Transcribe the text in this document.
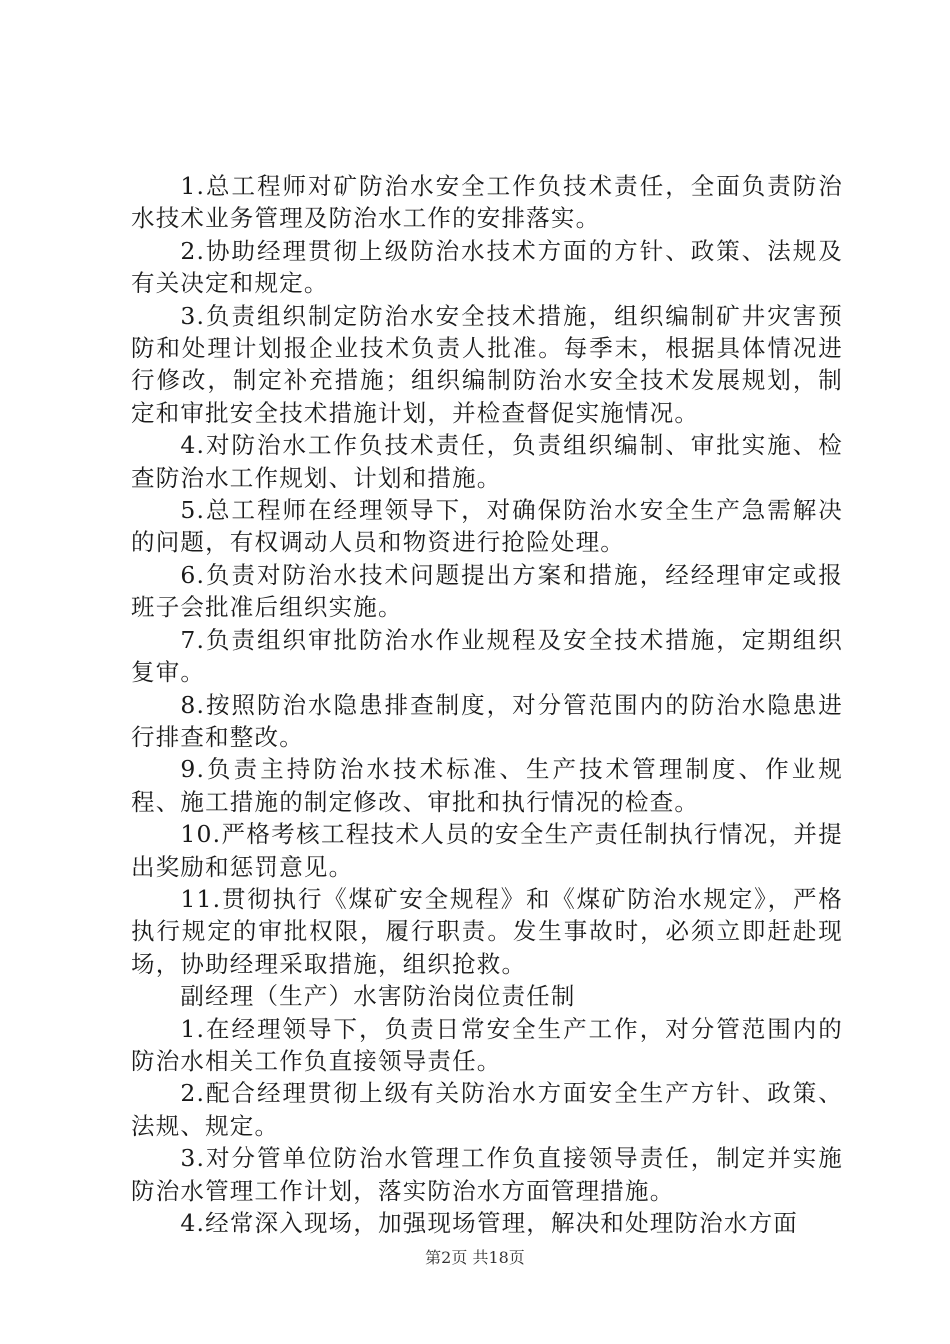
1.总工程师对矿防治水安全工作负技术责任，全面负责防治水技术业务管理及防治水工作的安排落实。

2.协助经理贯彻上级防治水技术方面的方针、政策、法规及有关决定和规定。

3.负责组织制定防治水安全技术措施，组织编制矿井灾害预防和处理计划报企业技术负责人批准。每季末，根据具体情况进行修改，制定补充措施；组织编制防治水安全技术发展规划，制定和审批安全技术措施计划，并检查督促实施情况。

4.对防治水工作负技术责任，负责组织编制、审批实施、检查防治水工作规划、计划和措施。

5.总工程师在经理领导下，对确保防治水安全生产急需解决的问题，有权调动人员和物资进行抢险处理。

6.负责对防治水技术问题提出方案和措施，经经理审定或报班子会批准后组织实施。

7.负责组织审批防治水作业规程及安全技术措施，定期组织复审。

8.按照防治水隐患排查制度，对分管范围内的防治水隐患进行排查和整改。

9.负责主持防治水技术标准、生产技术管理制度、作业规程、施工措施的制定修改、审批和执行情况的检查。

10.严格考核工程技术人员的安全生产责任制执行情况，并提出奖励和惩罚意见。

11.贯彻执行《煤矿安全规程》和《煤矿防治水规定》，严格执行规定的审批权限，履行职责。发生事故时，必须立即赶赴现场，协助经理采取措施，组织抢救。

副经理（生产）水害防治岗位责任制

1.在经理领导下，负责日常安全生产工作，对分管范围内的防治水相关工作负直接领导责任。

2.配合经理贯彻上级有关防治水方面安全生产方针、政策、法规、规定。

3.对分管单位防治水管理工作负直接领导责任，制定并实施防治水管理工作计划，落实防治水方面管理措施。

4.经常深入现场，加强现场管理，解决和处理防治水方面

第2页 共18页
